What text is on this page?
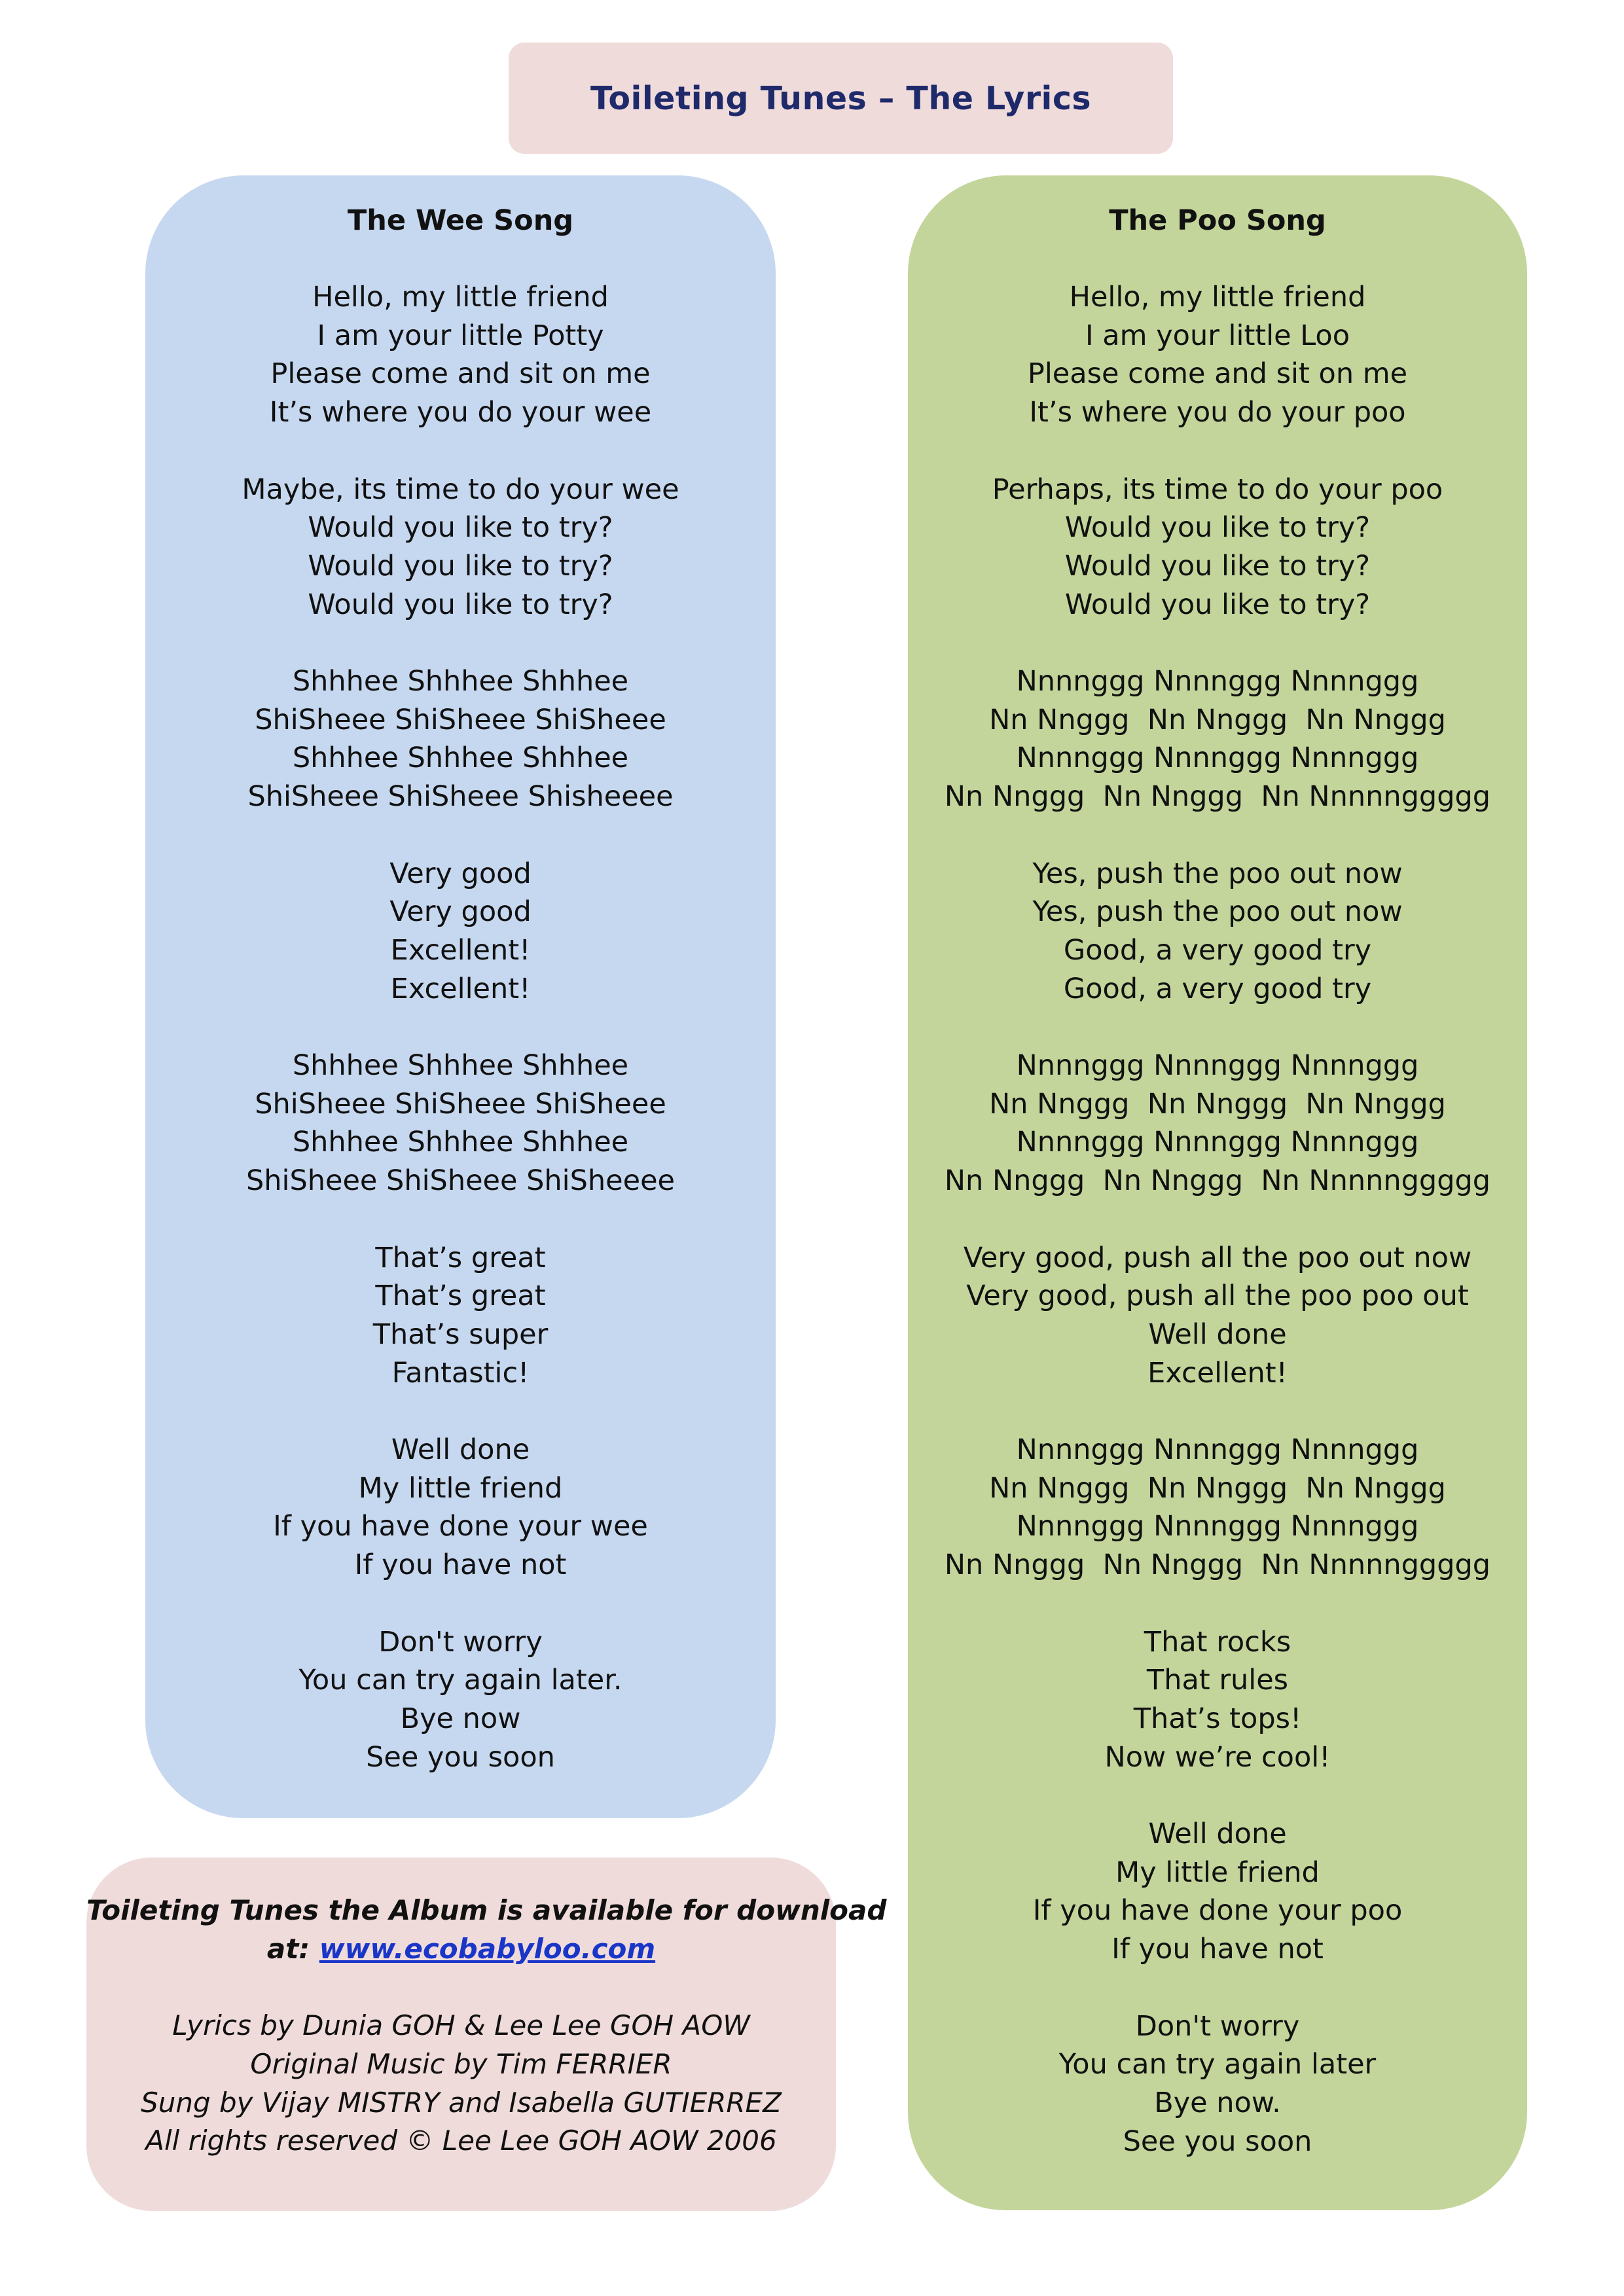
Toileting Tunes – The Lyrics
The Wee Song
Hello, my little friend
I am your little Potty
Please come and sit on me
It’s where you do your wee
Maybe, its time to do your wee
Would you like to try?
Would you like to try?
Would you like to try?
Shhhee Shhhee Shhhee
ShiSheee ShiSheee ShiSheee
Shhhee Shhhee Shhhee
ShiSheee ShiSheee Shisheeee
Very good
Very good
Excellent!
Excellent!
Shhhee Shhhee Shhhee
ShiSheee ShiSheee ShiSheee
Shhhee Shhhee Shhhee
ShiSheee ShiSheee ShiSheeee
That’s great
That’s great
That’s super
Fantastic!
Well done
My little friend
If you have done your wee
If you have not
Don't worry
You can try again later.
Bye now
See you soon
The Poo Song
Hello, my little friend
I am your little Loo
Please come and sit on me
It’s where you do your poo
Perhaps, its time to do your poo
Would you like to try?
Would you like to try?
Would you like to try?
Nnnnggg Nnnnggg Nnnnggg
Nn Nnggg  Nn Nnggg  Nn Nnggg
Nnnnggg Nnnnggg Nnnnggg
Nn Nnggg  Nn Nnggg  Nn Nnnnnggggg
Yes, push the poo out now
Yes, push the poo out now
Good, a very good try
Good, a very good try
Nnnnggg Nnnnggg Nnnnggg
Nn Nnggg  Nn Nnggg  Nn Nnggg
Nnnnggg Nnnnggg Nnnnggg
Nn Nnggg  Nn Nnggg  Nn Nnnnnggggg
Very good, push all the poo out now
Very good, push all the poo poo out
Well done
Excellent!
Nnnnggg Nnnnggg Nnnnggg
Nn Nnggg  Nn Nnggg  Nn Nnggg
Nnnnggg Nnnnggg Nnnnggg
Nn Nnggg  Nn Nnggg  Nn Nnnnnggggg
That rocks
That rules
That’s tops!
Now we’re cool!
Well done
My little friend
If you have done your poo
If you have not
Don't worry
You can try again later
Bye now.
See you soon
Toileting Tunes the Album is available for download
at: www.ecobabyloo.com
Lyrics by Dunia GOH & Lee Lee GOH AOW
Original Music by Tim FERRIER
Sung by Vijay MISTRY and Isabella GUTIERREZ
All rights reserved © Lee Lee GOH AOW 2006
